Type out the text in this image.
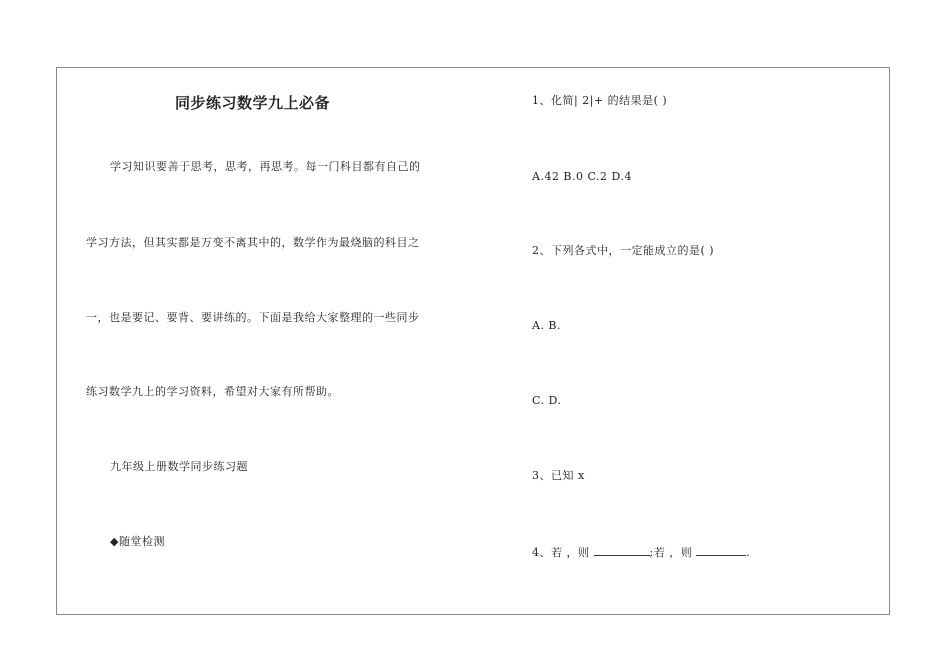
同步练习数学九上必备
学习知识要善于思考，思考，再思考。每一门科目都有自己的
学习方法，但其实都是万变不离其中的，数学作为最烧脑的科目之
一，也是要记、要背、要讲练的。下面是我给大家整理的一些同步
练习数学九上的学习资料，希望对大家有所帮助。
九年级上册数学同步练习题
◆随堂检测
1、化简| 2|+ 的结果是( )
A.42 B.0 C.2 D.4
2、下列各式中，一定能成立的是( )
A. B.
C. D.
3、已知 x
4、若 ，则	;若 ，则	.
